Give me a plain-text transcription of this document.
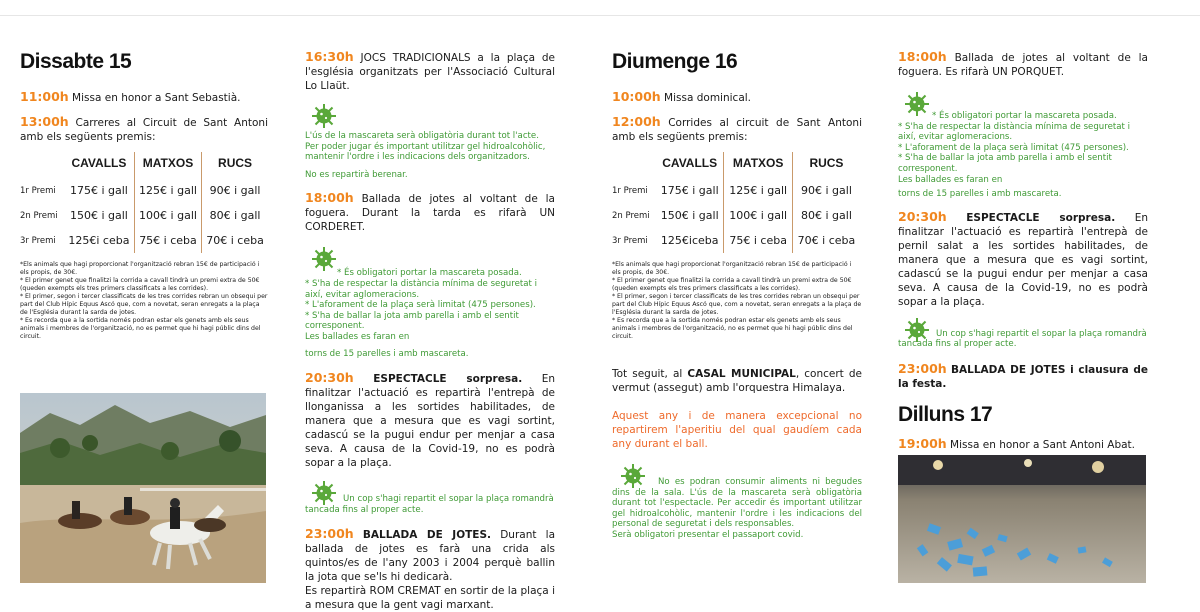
Dissabte 15
11:00h Missa en honor a Sant Sebastià.
13:00h Carreres al Circuit de Sant Antoni amb els següents premis:
	CAVALLS	MATXOS	RUCS
1r Premi	175€ i gall	125€ i gall	90€ i gall
2n Premi	150€ i gall	100€ i gall	80€ i gall
3r Premi	125€i ceba	75€ i ceba	70€ i ceba
*Els animals que hagi proporcionat l'organització rebran 15€ de participació i els propis, de 30€.
* El primer genet que finalitzi la corrida a cavall tindrà un premi extra de 50€ (queden exempts els tres primers classificats a les corrides).
* El primer, segon i tercer classificats de les tres corrides rebran un obsequi per part del Club Hípic Equus Ascó que, com a novetat, seran enregats a la plaça de l'Església durant la sarda de jotes.
* Es recorda que a la sortida només podran estar els genets amb els seus animals i membres de l'organització, no es permet que hi hagi públic dins del circuit.
16:30h JOCS TRADICIONALS a la plaça de l'església organitzats per l'Associació Cultural Lo Llaüt.
L'ús de la mascareta serà obligatòria durant tot l'acte.
Per poder jugar és important utilitzar gel hidroalcohòlic, mantenir l'ordre i les indicacions dels organitzadors.
No es repartirà berenar.
18:00h Ballada de jotes al voltant de la foguera. Durant la tarda es rifarà UN CORDERET.
* És obligatori portar la mascareta posada.
* S'ha de respectar la distància mínima de seguretat i així, evitar aglomeracions.
* L'aforament de la plaça serà limitat (475 persones).
* S'ha de ballar la jota amb parella i amb el sentit corresponent.
Les ballades es faran en
torns de 15 parelles i amb mascareta.
20:30h ESPECTACLE sorpresa. En finalitzar l'actuació es repartirà l'entrepà de llonganissa a les sortides habilitades, de manera que a mesura que es vagi sortint, cadascú se la pugui endur per menjar a casa seva. A causa de la Covid-19, no es podrà sopar a la plaça.
Un cop s'hagi repartit el sopar la plaça romandrà tancada fins al proper acte.
23:00h BALLADA DE JOTES. Durant la ballada de jotes es farà una crida als quintos/es de l'any 2003 i 2004 perquè ballin la jota que se'ls hi dedicarà.
Es repartirà ROM CREMAT en sortir de la plaça i a mesura que la gent vagi marxant.
Diumenge 16
10:00h Missa dominical.
12:00h Corrides al circuit de Sant Antoni amb els següents premis:
	CAVALLS	MATXOS	RUCS
1r Premi	175€ i gall	125€ i gall	90€ i gall
2n Premi	150€ i gall	100€ i gall	80€ i gall
3r Premi	125€iceba	75€ i ceba	70€ i ceba
*Els animals que hagi proporcionat l'organització rebran 15€ de participació i els propis, de 30€.
* El primer genet que finalitzi la corrida a cavall tindrà un premi extra de 50€ (queden exempts els tres primers classificats a les corrides).
* El primer, segon i tercer classificats de les tres corrides rebran un obsequi per part del Club Hípic Equus Ascó que, com a novetat, seran enregats a la plaça de l'Església durant la sarda de jotes.
* Es recorda que a la sortida només podran estar els genets amb els seus animals i membres de l'organització, no es permet que hi hagi públic dins del circuit.
Tot seguit, al CASAL MUNICIPAL, concert de vermut (assegut) amb l'orquestra Himalaya.
Aquest any i de manera excepcional no repartirem l'aperitiu del qual gaudíem cada any durant el ball.
No es podran consumir aliments ni begudes dins de la sala. L'ús de la mascareta serà obligatòria durant tot l'espectacle. Per accedir és important utilitzar gel hidroalcohòlic, mantenir l'ordre i les indicacions del personal de seguretat i dels responsables.
Serà obligatori presentar el passaport covid.
18:00h Ballada de jotes al voltant de la foguera. Es rifarà UN PORQUET.
* És obligatori portar la mascareta posada.
* S'ha de respectar la distància mínima de seguretat i així, evitar aglomeracions.
* L'aforament de la plaça serà limitat (475 persones).
* S'ha de ballar la jota amb parella i amb el sentit corresponent.
Les ballades es faran en
torns de 15 parelles i amb mascareta.
20:30h ESPECTACLE sorpresa. En finalitzar l'actuació es repartirà l'entrepà de pernil salat a les sortides habilitades, de manera que a mesura que es vagi sortint, cadascú se la pugui endur per menjar a casa seva. A causa de la Covid-19, no es podrà sopar a la plaça.
Un cop s'hagi repartit el sopar la plaça romandrà tancada fins al proper acte.
23:00h BALLADA DE JOTES i clausura de la festa.
Dilluns 17
19:00h Missa en honor a Sant Antoni Abat.
